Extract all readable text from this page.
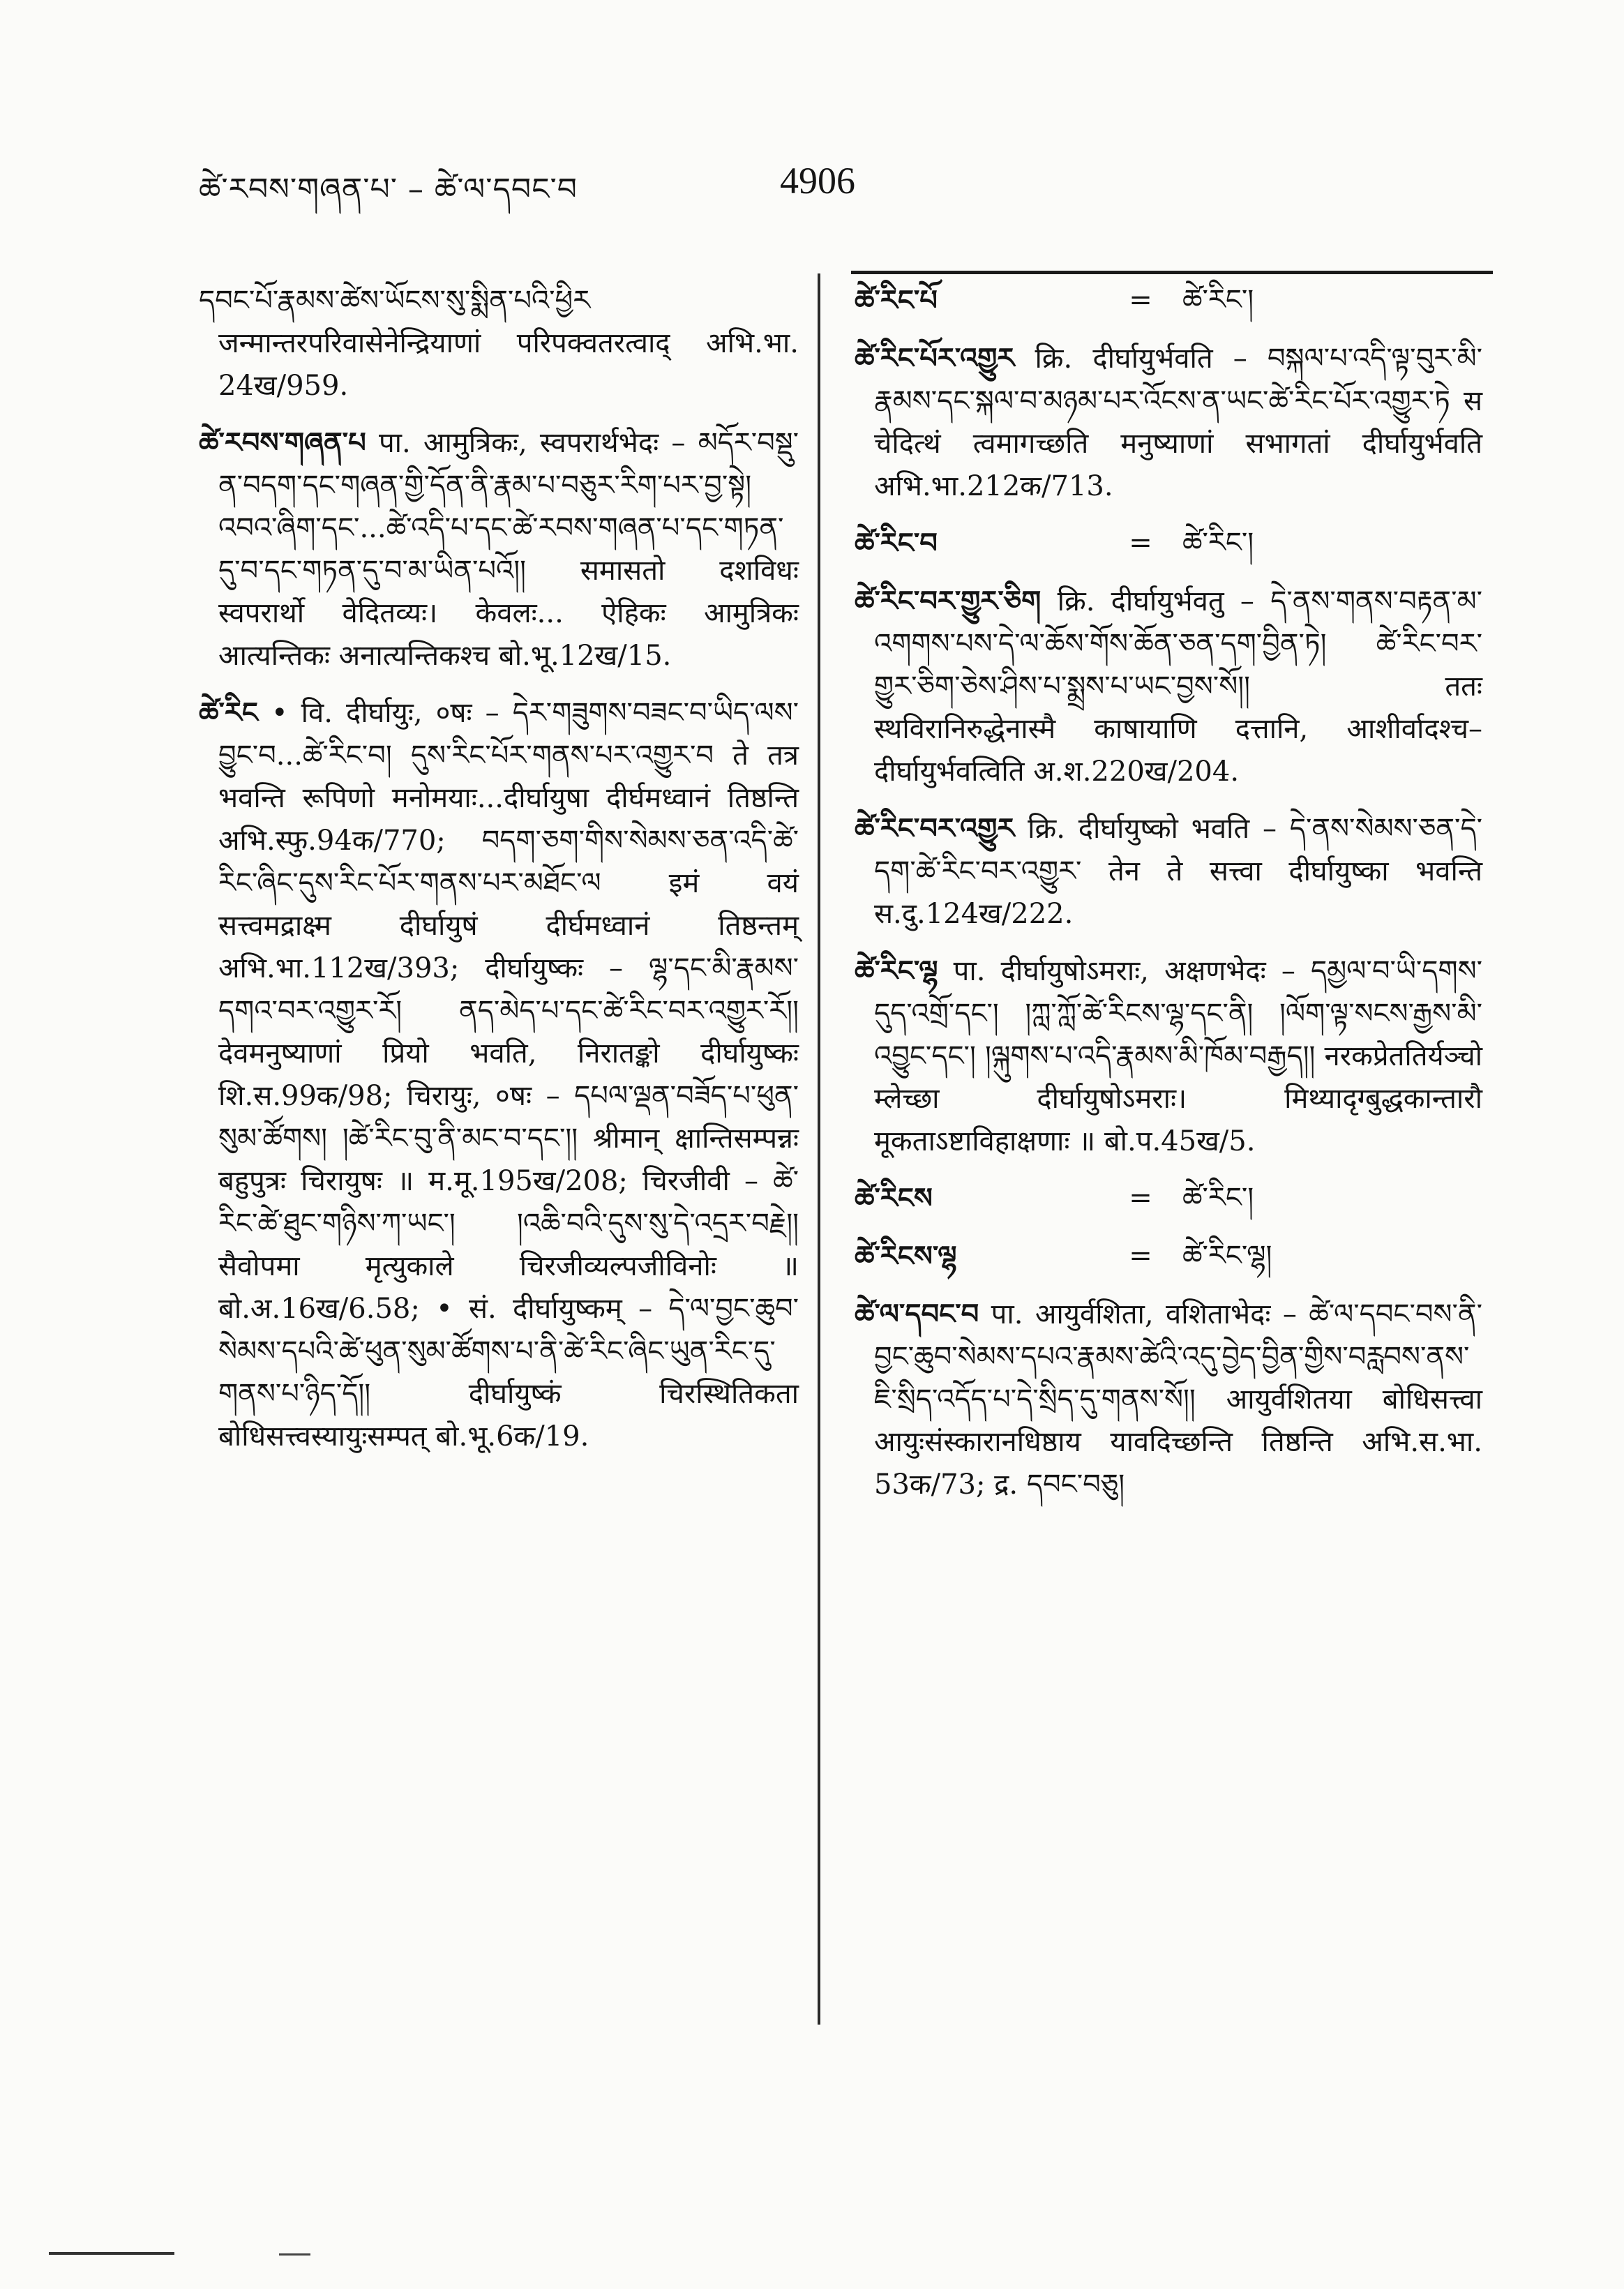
ཚེ་རབས་གཞན་པ་ – ཚེ་ལ་དབང་བ	4906

དབང་པོ་རྣམས་ཚེས་ཡོངས་སུ་སྨིན་པའི་ཕྱིར जन्मान्तरपरिवासेनेन्द्रियाणां परिपक्वतरत्वाद् अभि.भा. 24ख/959.

ཚེ་རབས་གཞན་པ पा. आमुत्रिकः, स्वपरार्थभेदः – མདོར་བསྡུ་ན་བདག་དང་གཞན་གྱི་དོན་ནི་རྣམ་པ་བཅུར་རིག་པར་བྱ་སྟེ། འབའ་ཞིག་དང་...ཚེ་འདི་པ་དང་ཚེ་རབས་གཞན་པ་དང་གཏན་དུ་བ་དང་གཏན་དུ་བ་མ་ཡིན་པའོ།། समासतो दशविधः स्वपरार्थो वेदितव्यः। केवलः... ऐहिकः आमुत्रिकः आत्यन्तिकः अनात्यन्तिकश्च बो.भू.12ख/15.

ཚེ་རིང • वि. दीर्घायुः, ०षः – དེར་གཟུགས་བཟང་བ་ཡིད་ལས་བྱུང་བ...ཚེ་རིང་བ། དུས་རིང་པོར་གནས་པར་འགྱུར་བ ते तत्र भवन्ति रूपिणो मनोमयाः...दीर्घायुषा दीर्घमध्वानं तिष्ठन्ति अभि.स्फु.94क/770; བདག་ཅག་གིས་སེམས་ཅན་འདི་ཚེ་རིང་ཞིང་དུས་རིང་པོར་གནས་པར་མཐོང་ལ इमं वयं सत्त्वमद्राक्ष्म दीर्घायुषं दीर्घमध्वानं तिष्ठन्तम् अभि.भा.112ख/393; दीर्घायुष्कः – ལྷ་དང་མི་རྣམས་དགའ་བར་འགྱུར་རོ། ནད་མེད་པ་དང་ཚེ་རིང་བར་འགྱུར་རོ།། देवमनुष्याणां प्रियो भवति, निरातङ्को दीर्घायुष्कः शि.स.99क/98; चिरायुः, ०षः – དཔལ་ལྡན་བཟོད་པ་ཕུན་སུམ་ཚོགས། །ཚེ་རིང་བུ་ནི་མང་བ་དང་།། श्रीमान् क्षान्तिसम्पन्नः बहुपुत्रः चिरायुषः ॥ म.मू.195ख/208; चिरजीवी – ཚེ་རིང་ཚེ་ཐུང་གཉིས་ཀ་ཡང་། །འཆི་བའི་དུས་སུ་དེ་འདྲར་བརྗེ།། सैवोपमा मृत्युकाले चिरजीव्यल्पजीविनोः ॥ बो.अ.16ख/6.58; • सं. दीर्घायुष्कम् – དེ་ལ་བྱང་ཆུབ་སེམས་དཔའི་ཚེ་ཕུན་སུམ་ཚོགས་པ་ནི་ཚེ་རིང་ཞིང་ཡུན་རིང་དུ་གནས་པ་ཉིད་དོ།། दीर्घायुष्कं चिरस्थितिकता बोधिसत्त्वस्यायुःसम्पत् बो.भू.6क/19.

ཚེ་རིང་པོ	=	ཚེ་རིང་།

ཚེ་རིང་པོར་འགྱུར क्रि. दीर्घायुर्भवति – བསྐལ་པ་འདི་ལྟ་བུར་མི་རྣམས་དང་སྐལ་བ་མཉམ་པར་འོངས་ན་ཡང་ཚེ་རིང་པོར་འགྱུར་ཏེ स चेदित्थं त्वमागच्छति मनुष्याणां सभागतां दीर्घायुर्भवति अभि.भा.212क/713.

ཚེ་རིང་བ	=	ཚེ་རིང་།

ཚེ་རིང་བར་གྱུར་ཅིག क्रि. दीर्घायुर्भवतु – དེ་ནས་གནས་བརྟན་མ་འགགས་པས་དེ་ལ་ཆོས་གོས་ཆོན་ཅན་དག་བྱིན་ཏེ། ཚེ་རིང་བར་གྱུར་ཅིག་ཅེས་ཤིས་པ་སྨྲས་པ་ཡང་བྱས་སོ།། ततः स्थविरानिरुद्धेनास्मै काषायाणि दत्तानि, आशीर्वादश्च–दीर्घायुर्भवत्विति अ.श.220ख/204.

ཚེ་རིང་བར་འགྱུར क्रि. दीर्घायुष्को भवति – དེ་ནས་སེམས་ཅན་དེ་དག་ཚེ་རིང་བར་འགྱུར་ तेन ते सत्त्वा दीर्घायुष्का भवन्ति स.दु.124ख/222.

ཚེ་རིང་ལྷ पा. दीर्घायुषोऽमराः, अक्षणभेदः – དམྱལ་བ་ཡི་དགས་དུད་འགྲོ་དང་། །ཀླ་ཀློ་ཚེ་རིངས་ལྷ་དང་ནི། །ལོག་ལྟ་སངས་རྒྱས་མི་འབྱུང་དང་། །ལྐུགས་པ་འདི་རྣམས་མི་ཁོམ་བརྒྱད།། नरकप्रेततिर्यञ्चो म्लेच्छा दीर्घायुषोऽमराः। मिथ्यादृग्बुद्धकान्तारौ मूकताऽष्टाविहाक्षणाः ॥ बो.प.45ख/5.

ཚེ་རིངས	=	ཚེ་རིང་།
ཚེ་རིངས་ལྷ	=	ཚེ་རིང་ལྷ།

ཚེ་ལ་དབང་བ पा. आयुर्वशिता, वशिताभेदः – ཚེ་ལ་དབང་བས་ནི་བྱང་ཆུབ་སེམས་དཔའ་རྣམས་ཚེའི་འདུ་བྱེད་བྱིན་གྱིས་བརླབས་ནས་ཇི་སྲིད་འདོད་པ་དེ་སྲིད་དུ་གནས་སོ།། आयुर्वशितया बोधिसत्त्वा आयुःसंस्कारानधिष्ठाय यावदिच्छन्ति तिष्ठन्ति अभि.स.भा. 53क/73; द्र. དབང་བཅུ།
